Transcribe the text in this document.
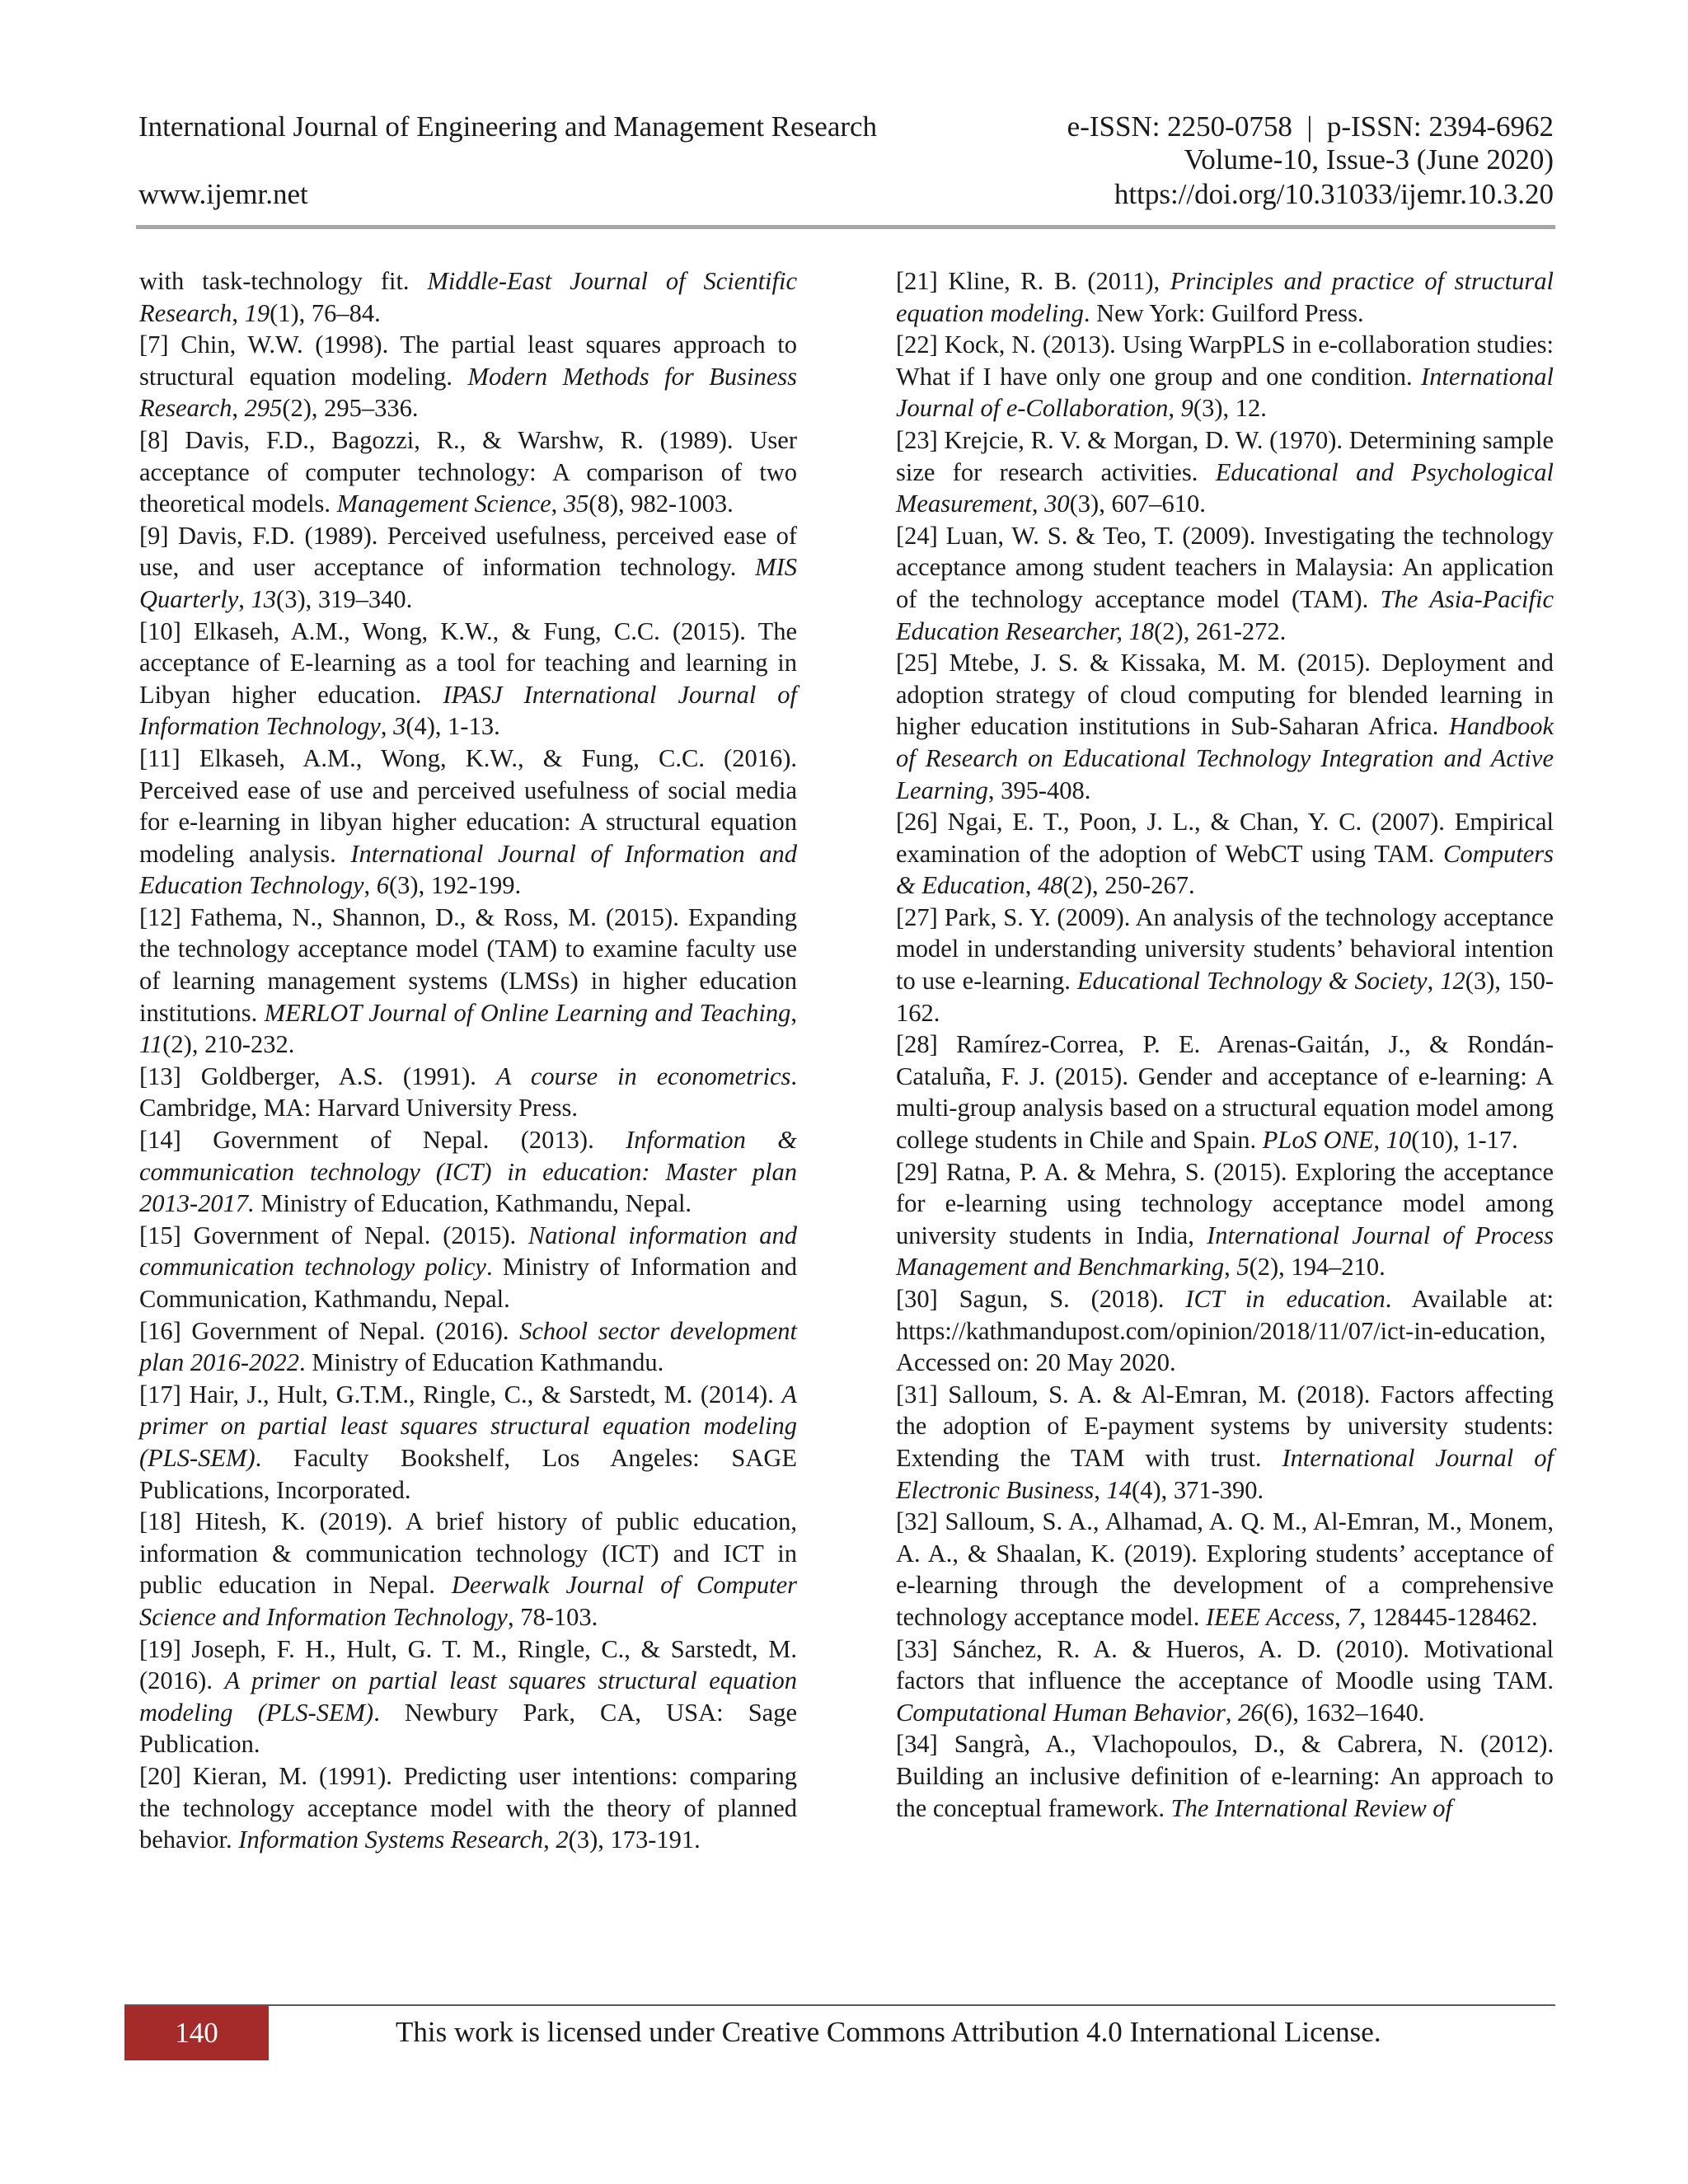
International Journal of Engineering and Management Research	e-ISSN: 2250-0758  |  p-ISSN: 2394-6962
Volume-10, Issue-3 (June 2020)
www.ijemr.net	https://doi.org/10.31033/ijemr.10.3.20

with task-technology fit. Middle-East Journal of Scientific Research, 19(1), 76–84.

[7] Chin, W.W. (1998). The partial least squares approach to structural equation modeling. Modern Methods for Business Research, 295(2), 295–336.

[8] Davis, F.D., Bagozzi, R., & Warshw, R. (1989). User acceptance of computer technology: A comparison of two theoretical models. Management Science, 35(8), 982-1003.

[9] Davis, F.D. (1989). Perceived usefulness, perceived ease of use, and user acceptance of information technology. MIS Quarterly, 13(3), 319–340.

[10] Elkaseh, A.M., Wong, K.W., & Fung, C.C. (2015). The acceptance of E-learning as a tool for teaching and learning in Libyan higher education. IPASJ International Journal of Information Technology, 3(4), 1-13.

[11] Elkaseh, A.M., Wong, K.W., & Fung, C.C. (2016). Perceived ease of use and perceived usefulness of social media for e-learning in libyan higher education: A structural equation modeling analysis. International Journal of Information and Education Technology, 6(3), 192-199.

[12] Fathema, N., Shannon, D., & Ross, M. (2015). Expanding the technology acceptance model (TAM) to examine faculty use of learning management systems (LMSs) in higher education institutions. MERLOT Journal of Online Learning and Teaching, 11(2), 210-232.

[13] Goldberger, A.S. (1991). A course in econometrics. Cambridge, MA: Harvard University Press.

[14] Government of Nepal. (2013). Information & communication technology (ICT) in education: Master plan 2013-2017. Ministry of Education, Kathmandu, Nepal.

[15] Government of Nepal. (2015). National information and communication technology policy. Ministry of Information and Communication, Kathmandu, Nepal.

[16] Government of Nepal. (2016). School sector development plan 2016-2022. Ministry of Education Kathmandu.

[17] Hair, J., Hult, G.T.M., Ringle, C., & Sarstedt, M. (2014). A primer on partial least squares structural equation modeling (PLS-SEM). Faculty Bookshelf, Los Angeles: SAGE Publications, Incorporated.

[18] Hitesh, K. (2019). A brief history of public education, information & communication technology (ICT) and ICT in public education in Nepal. Deerwalk Journal of Computer Science and Information Technology, 78-103.

[19] Joseph, F. H., Hult, G. T. M., Ringle, C., & Sarstedt, M. (2016). A primer on partial least squares structural equation modeling (PLS-SEM). Newbury Park, CA, USA: Sage Publication.

[20] Kieran, M. (1991). Predicting user intentions: comparing the technology acceptance model with the theory of planned behavior. Information Systems Research, 2(3), 173-191.

[21] Kline, R. B. (2011), Principles and practice of structural equation modeling. New York: Guilford Press.

[22] Kock, N. (2013). Using WarpPLS in e-collaboration studies: What if I have only one group and one condition. International Journal of e-Collaboration, 9(3), 12.

[23] Krejcie, R. V. & Morgan, D. W. (1970). Determining sample size for research activities. Educational and Psychological Measurement, 30(3), 607–610.

[24] Luan, W. S. & Teo, T. (2009). Investigating the technology acceptance among student teachers in Malaysia: An application of the technology acceptance model (TAM). The Asia-Pacific Education Researcher, 18(2), 261-272.

[25] Mtebe, J. S. & Kissaka, M. M. (2015). Deployment and adoption strategy of cloud computing for blended learning in higher education institutions in Sub-Saharan Africa. Handbook of Research on Educational Technology Integration and Active Learning, 395-408.

[26] Ngai, E. T., Poon, J. L., & Chan, Y. C. (2007). Empirical examination of the adoption of WebCT using TAM. Computers & Education, 48(2), 250-267.

[27] Park, S. Y. (2009). An analysis of the technology acceptance model in understanding university students’ behavioral intention to use e-learning. Educational Technology & Society, 12(3), 150-162.

[28] Ramírez-Correa, P. E. Arenas-Gaitán, J., & Rondán-Cataluña, F. J. (2015). Gender and acceptance of e-learning: A multi-group analysis based on a structural equation model among college students in Chile and Spain. PLoS ONE, 10(10), 1-17.

[29] Ratna, P. A. & Mehra, S. (2015). Exploring the acceptance for e-learning using technology acceptance model among university students in India, International Journal of Process Management and Benchmarking, 5(2), 194–210.

[30] Sagun, S. (2018). ICT in education. Available at: https://kathmandupost.com/opinion/2018/11/07/ict-in-education, Accessed on: 20 May 2020.

[31] Salloum, S. A. & Al-Emran, M. (2018). Factors affecting the adoption of E-payment systems by university students: Extending the TAM with trust. International Journal of Electronic Business, 14(4), 371-390.

[32] Salloum, S. A., Alhamad, A. Q. M., Al-Emran, M., Monem, A. A., & Shaalan, K. (2019). Exploring students’ acceptance of e-learning through the development of a comprehensive technology acceptance model. IEEE Access, 7, 128445-128462.

[33] Sánchez, R. A. & Hueros, A. D. (2010). Motivational factors that influence the acceptance of Moodle using TAM. Computational Human Behavior, 26(6), 1632–1640.

[34] Sangrà, A., Vlachopoulos, D., & Cabrera, N. (2012). Building an inclusive definition of e-learning: An approach to the conceptual framework. The International Review of

140	This work is licensed under Creative Commons Attribution 4.0 International License.
